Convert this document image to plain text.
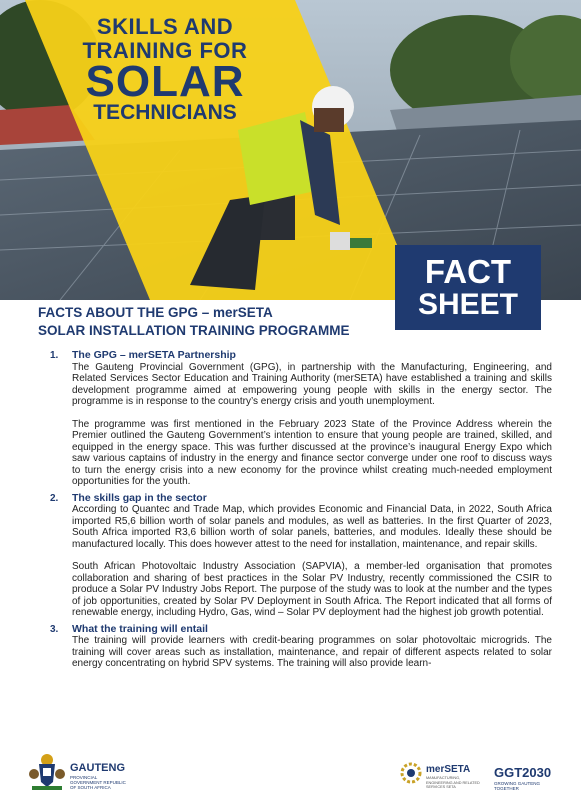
SKILLS AND
TRAINING FOR
SOLAR
TECHNICIANS
FACT
SHEET
FACTS ABOUT THE GPG – merSETA
SOLAR INSTALLATION TRAINING PROGRAMME
1. The GPG – merSETA Partnership
The Gauteng Provincial Government (GPG), in partnership with the Manufacturing, Engineering, and Related Services Sector Education and Training Authority (merSETA) have established a training and skills development programme aimed at empowering young people with skills in the energy sector. The programme is in response to the country’s energy crisis and youth unemployment.
The programme was first mentioned in the February 2023 State of the Province Address wherein the Premier outlined the Gauteng Government’s intention to ensure that young people are trained, skilled, and equipped in the energy space. This was further discussed at the province’s inaugural Energy Expo which saw various captains of industry in the energy and finance sector converge under one roof to discuss ways to turn the energy crisis into a new economy for the province whilst creating much-needed employment opportunities for the youth.
2. The skills gap in the sector
According to Quantec and Trade Map, which provides Economic and Financial Data, in 2022, South Africa imported R5,6 billion worth of solar panels and modules, as well as batteries. In the first Quarter of 2023, South Africa imported R3,6 billion worth of solar panels, batteries, and modules. Ideally these should be manufactured locally. This does however attest to the need for installation, maintenance, and repair skills.
South African Photovoltaic Industry Association (SAPVIA), a member-led organisation that promotes collaboration and sharing of best practices in the Solar PV Industry, recently commissioned the CSIR to produce a Solar PV Industry Jobs Report. The purpose of the study was to look at the number and the types of job opportunities, created by Solar PV Deployment in South Africa. The Report indicated that all forms of renewable energy, including Hydro, Gas, wind – Solar PV deployment had the highest job growth potential.
3. What the training will entail
The training will provide learners with credit-bearing programmes on solar photovoltaic microgrids. The training will cover areas such as installation, maintenance, and repair of different aspects related to solar energy concentrating on hybrid SPV systems. The training will also provide learn-
GAUTENG
PROVINCIAL GOVERNMENT REPUBLIC OF SOUTH AFRICA
merSETA
MANUFACTURING, ENGINEERING AND RELATED SERVICES SETA
GGT2030
GROWING GAUTENG TOGETHER
